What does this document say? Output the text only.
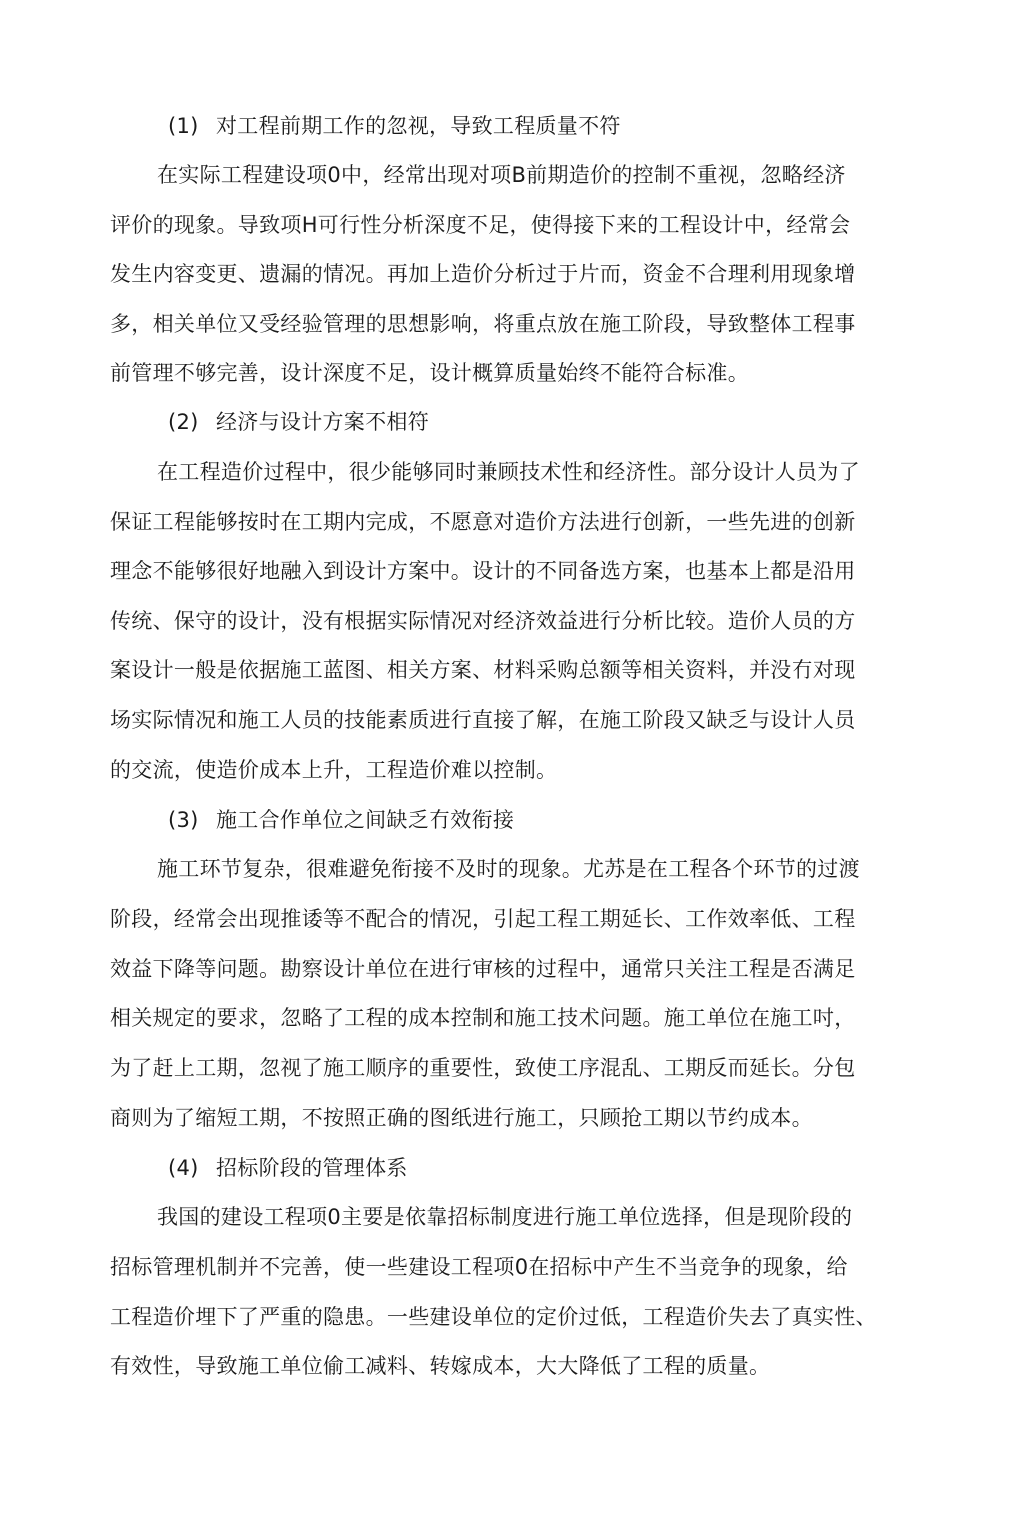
(1) 对工程前期工作的忽视，导致工程质量不符
在实际工程建设项0中，经常出现对项B前期造价的控制不重视，忽略经济
评价的现象。导致项H可行性分析深度不足，使得接下来的工程设计中，经常会
发生内容变更、遗漏的情况。再加上造价分析过于片而，资金不合理利用现象增
多，相关单位又受经验管理的思想影响，将重点放在施工阶段，导致整体工程事
前管理不够完善，设计深度不足，设计概算质量始终不能符合标准。
(2) 经济与设计方案不相符
在工程造价过程中，很少能够同时兼顾技术性和经济性。部分设计人员为了
保证工程能够按时在工期内完成，不愿意对造价方法进行创新，一些先进的创新
理念不能够很好地融入到设计方案中。设计的不同备选方案，也基本上都是沿用
传统、保守的设计，没有根据实际情况对经济效益进行分析比较。造价人员的方
案设计一般是依据施工蓝图、相关方案、材料采购总额等相关资料，并没冇对现
场实际情况和施工人员的技能素质进行直接了解，在施工阶段又缺乏与设计人员
的交流，使造价成本上升，工程造价难以控制。
(3) 施工合作单位之间缺乏冇效衔接
施工环节复杂，很难避免衔接不及时的现象。尤苏是在工程各个环节的过渡
阶段，经常会出现推诿等不配合的情况，引起工程工期延长、工作效率低、工程
效益下降等问题。勘察设计单位在进行审核的过程中，通常只关注工程是否满足
相关规定的要求，忽略了工程的成本控制和施工技术问题。施工单位在施工吋，
为了赶上工期，忽视了施工顺序的重要性，致使工序混乱、工期反而延长。分包
商则为了缩短工期，不按照正确的图纸进行施工，只顾抢工期以节约成本。
(4) 招标阶段的管理体系
我国的建设工程项0主要是依靠招标制度进行施工单位选择，但是现阶段的
招标管理机制并不完善，使一些建设工程项0在招标中产生不当竞争的现象，给
工程造价埋下了严重的隐患。一些建设单位的定价过低，工程造价失去了真实性、
有效性，导致施工单位偷工减料、转嫁成本，大大降低了工程的质量。
